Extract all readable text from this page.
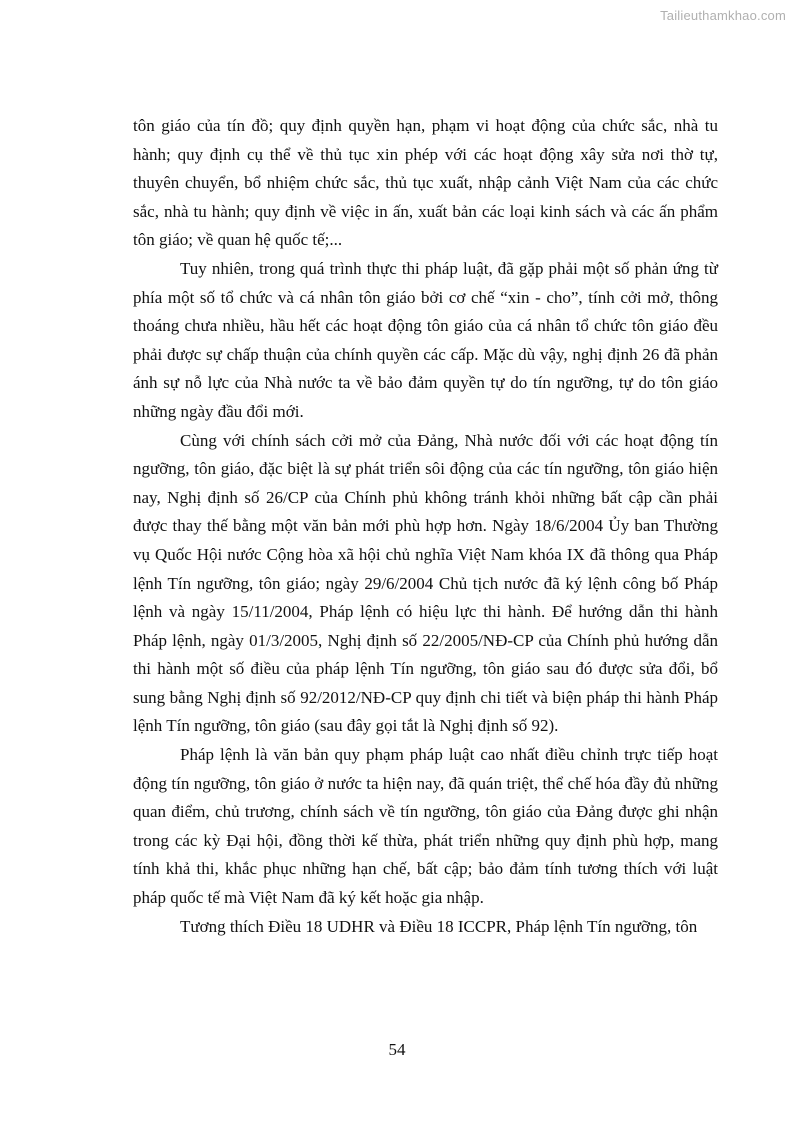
Tailieuthamkhao.com

tôn giáo của tín đồ; quy định quyền hạn, phạm vi hoạt động của chức sắc, nhà tu hành; quy định cụ thể về thủ tục xin phép với các hoạt động xây sửa nơi thờ tự, thuyên chuyển, bổ nhiệm chức sắc, thủ tục xuất, nhập cảnh Việt Nam của các chức sắc, nhà tu hành; quy định về việc in ấn, xuất bản các loại kinh sách và các ấn phẩm tôn giáo; về quan hệ quốc tế;...

Tuy nhiên, trong quá trình thực thi pháp luật, đã gặp phải một số phản ứng từ phía một số tổ chức và cá nhân tôn giáo bởi cơ chế “xin - cho”, tính cởi mở, thông thoáng chưa nhiều, hầu hết các hoạt động tôn giáo của cá nhân tổ chức tôn giáo đều phải được sự chấp thuận của chính quyền các cấp. Mặc dù vậy, nghị định 26 đã phản ánh sự nỗ lực của Nhà nước ta về bảo đảm quyền tự do tín ngưỡng, tự do tôn giáo những ngày đầu đổi mới.

Cùng với chính sách cởi mở của Đảng, Nhà nước đối với các hoạt động tín ngưỡng, tôn giáo, đặc biệt là sự phát triển sôi động của các tín ngưỡng, tôn giáo hiện nay, Nghị định số 26/CP của Chính phủ không tránh khỏi những bất cập cần phải được thay thế bằng một văn bản mới phù hợp hơn. Ngày 18/6/2004 Ủy ban Thường vụ Quốc Hội nước Cộng hòa xã hội chủ nghĩa Việt Nam khóa IX đã thông qua Pháp lệnh Tín ngưỡng, tôn giáo; ngày 29/6/2004 Chủ tịch nước đã ký lệnh công bố Pháp lệnh và ngày 15/11/2004, Pháp lệnh có hiệu lực thi hành. Để hướng dẫn thi hành Pháp lệnh, ngày 01/3/2005, Nghị định số 22/2005/NĐ-CP của Chính phủ hướng dẫn thi hành một số điều của pháp lệnh Tín ngưỡng, tôn giáo sau đó được sửa đổi, bổ sung bằng Nghị định số 92/2012/NĐ-CP quy định chi tiết và biện pháp thi hành Pháp lệnh Tín ngưỡng, tôn giáo (sau đây gọi tắt là Nghị định số 92).

Pháp lệnh là văn bản quy phạm pháp luật cao nhất điều chỉnh trực tiếp hoạt động tín ngưỡng, tôn giáo ở nước ta hiện nay, đã quán triệt, thể chế hóa đầy đủ những quan điểm, chủ trương, chính sách về tín ngưỡng, tôn giáo của Đảng được ghi nhận trong các kỳ Đại hội, đồng thời kế thừa, phát triển những quy định phù hợp, mang tính khả thi, khắc phục những hạn chế, bất cập; bảo đảm tính tương thích với luật pháp quốc tế mà Việt Nam đã ký kết hoặc gia nhập.

Tương thích Điều 18 UDHR và Điều 18 ICCPR, Pháp lệnh Tín ngưỡng, tôn

54
